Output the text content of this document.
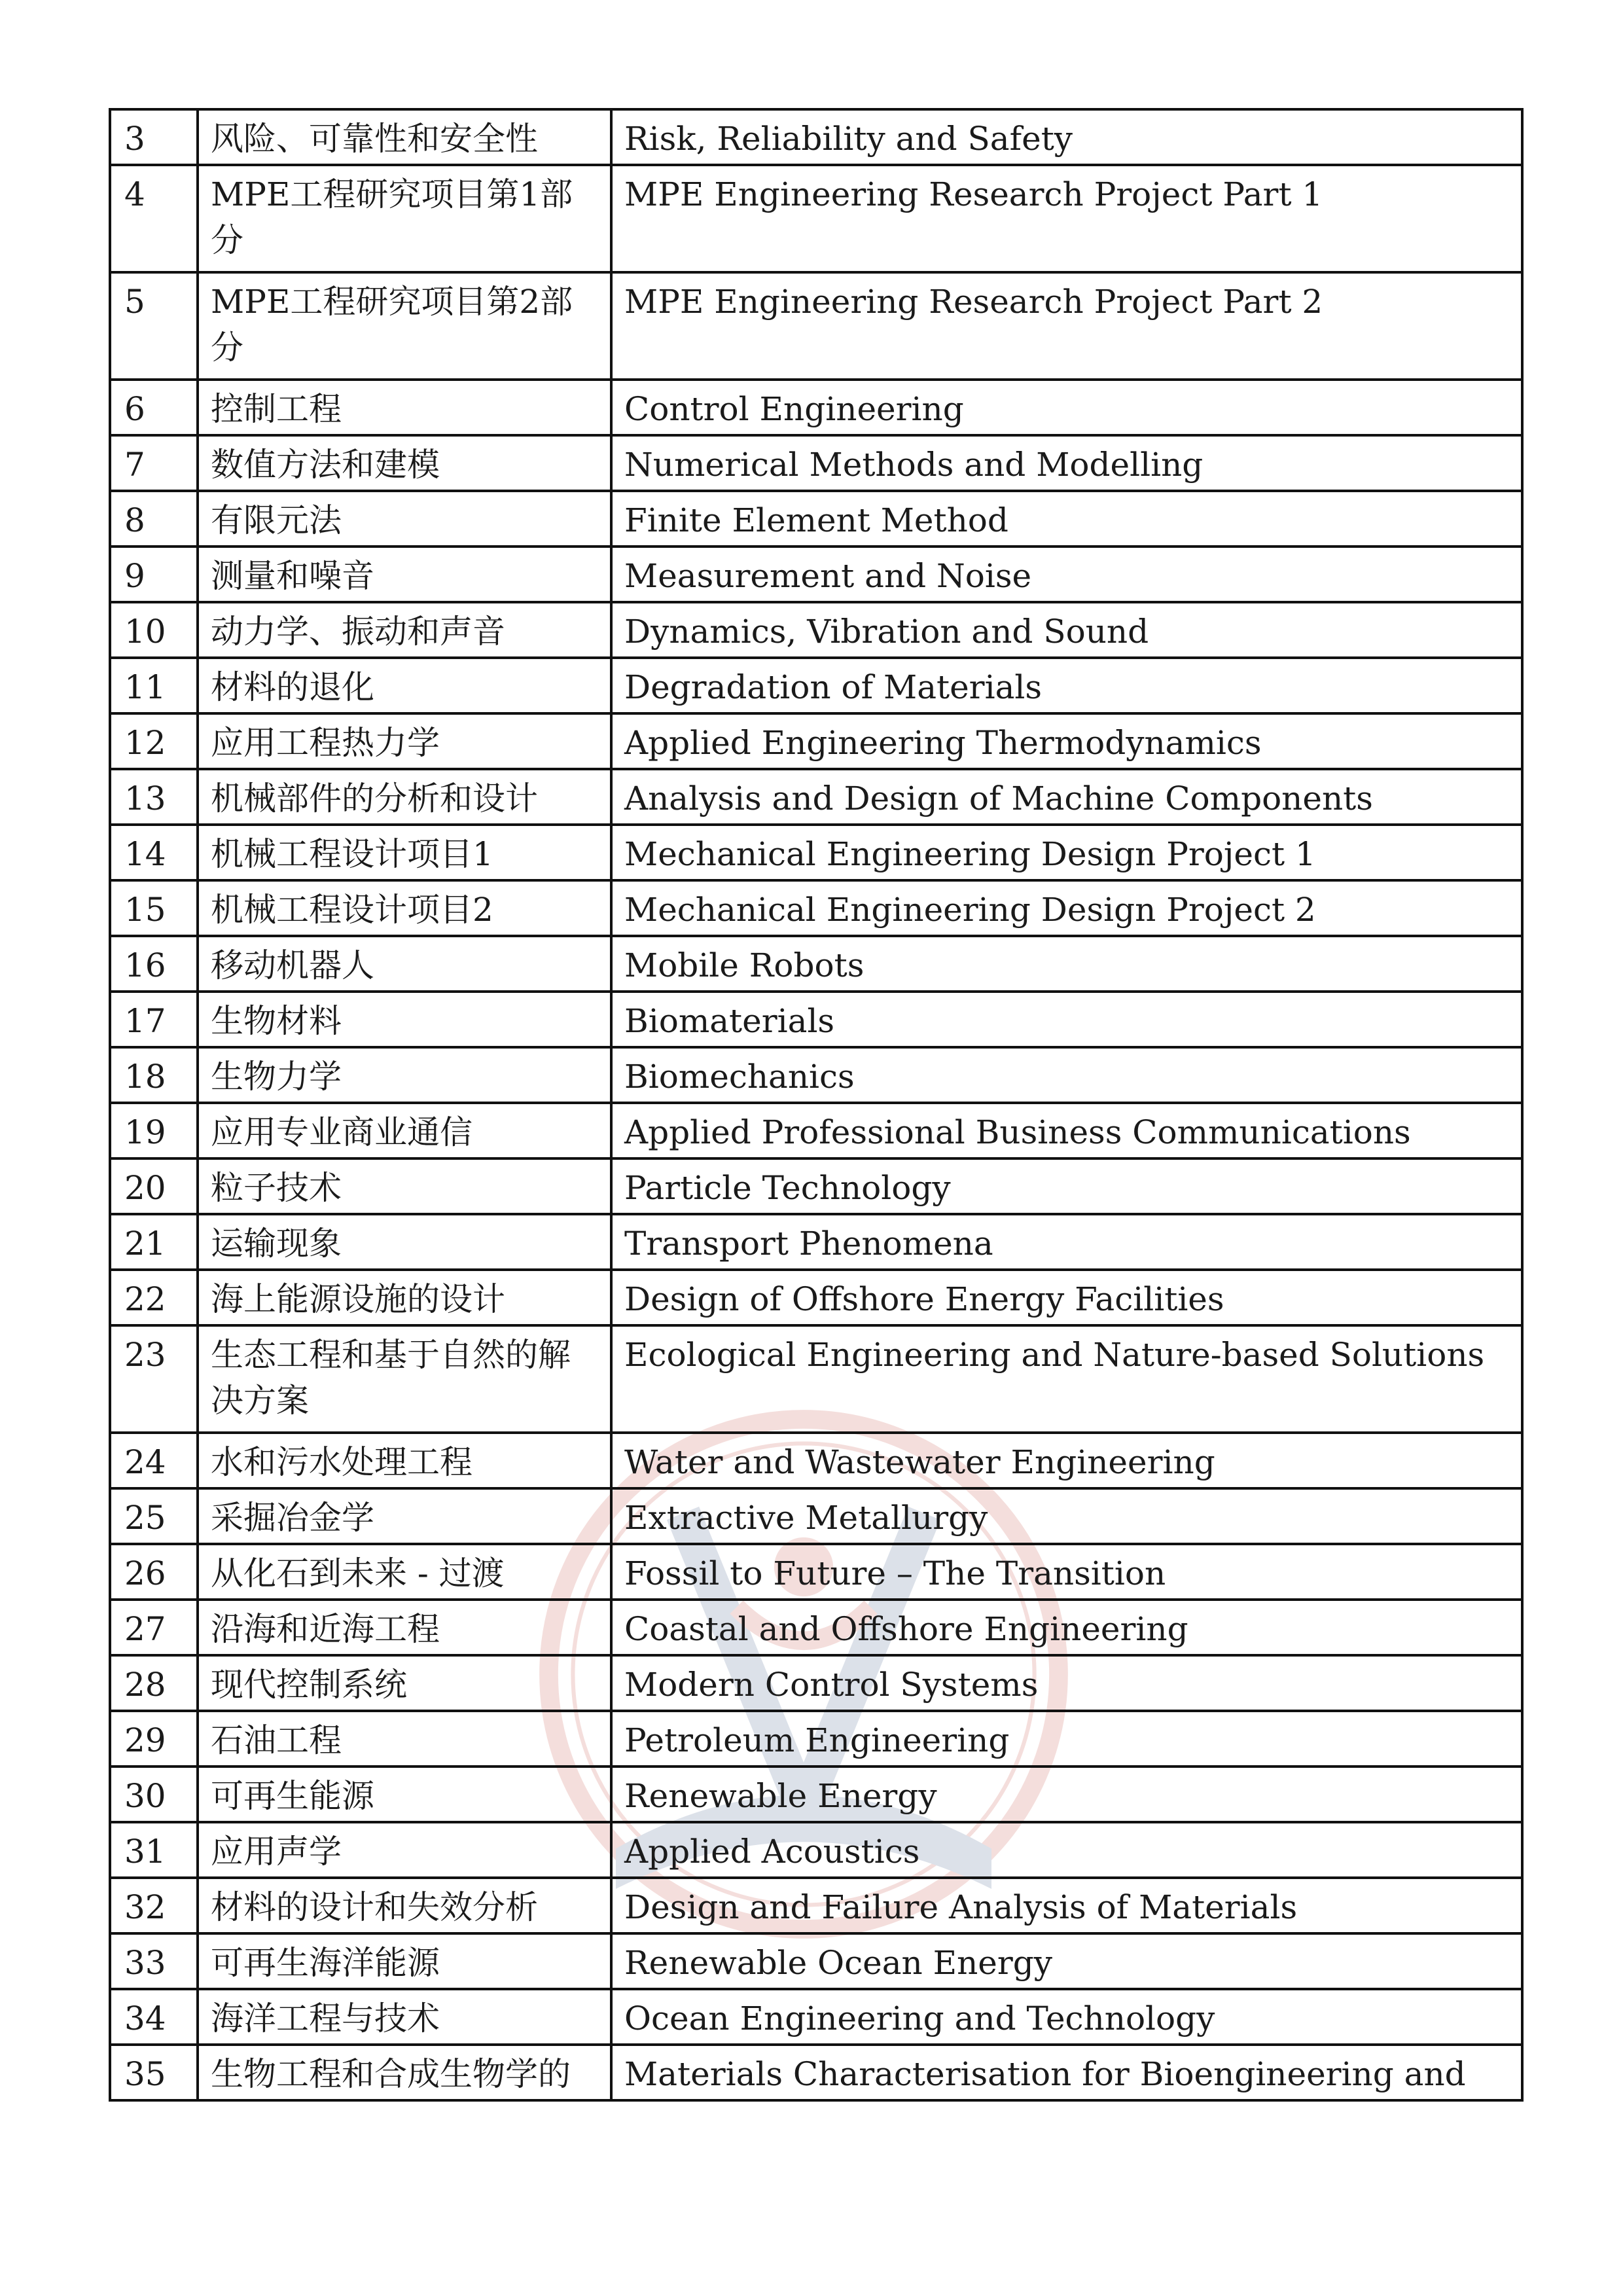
3	风险、可靠性和安全性	Risk, Reliability and Safety
4	MPE工程研究项目第1部分	MPE Engineering Research Project Part 1
5	MPE工程研究项目第2部分	MPE Engineering Research Project Part 2
6	控制工程	Control Engineering
7	数值方法和建模	Numerical Methods and Modelling
8	有限元法	Finite Element Method
9	测量和噪音	Measurement and Noise
10	动力学、振动和声音	Dynamics, Vibration and Sound
11	材料的退化	Degradation of Materials
12	应用工程热力学	Applied Engineering Thermodynamics
13	机械部件的分析和设计	Analysis and Design of Machine Components
14	机械工程设计项目1	Mechanical Engineering Design Project 1
15	机械工程设计项目2	Mechanical Engineering Design Project 2
16	移动机器人	Mobile Robots
17	生物材料	Biomaterials
18	生物力学	Biomechanics
19	应用专业商业通信	Applied Professional Business Communications
20	粒子技术	Particle Technology
21	运输现象	Transport Phenomena
22	海上能源设施的设计	Design of Offshore Energy Facilities
23	生态工程和基于自然的解决方案	Ecological Engineering and Nature-based Solutions
24	水和污水处理工程	Water and Wastewater Engineering
25	采掘冶金学	Extractive Metallurgy
26	从化石到未来 - 过渡	Fossil to Future – The Transition
27	沿海和近海工程	Coastal and Offshore Engineering
28	现代控制系统	Modern Control Systems
29	石油工程	Petroleum Engineering
30	可再生能源	Renewable Energy
31	应用声学	Applied Acoustics
32	材料的设计和失效分析	Design and Failure Analysis of Materials
33	可再生海洋能源	Renewable Ocean Energy
34	海洋工程与技术	Ocean Engineering and Technology
35	生物工程和合成生物学的	Materials Characterisation for Bioengineering and
